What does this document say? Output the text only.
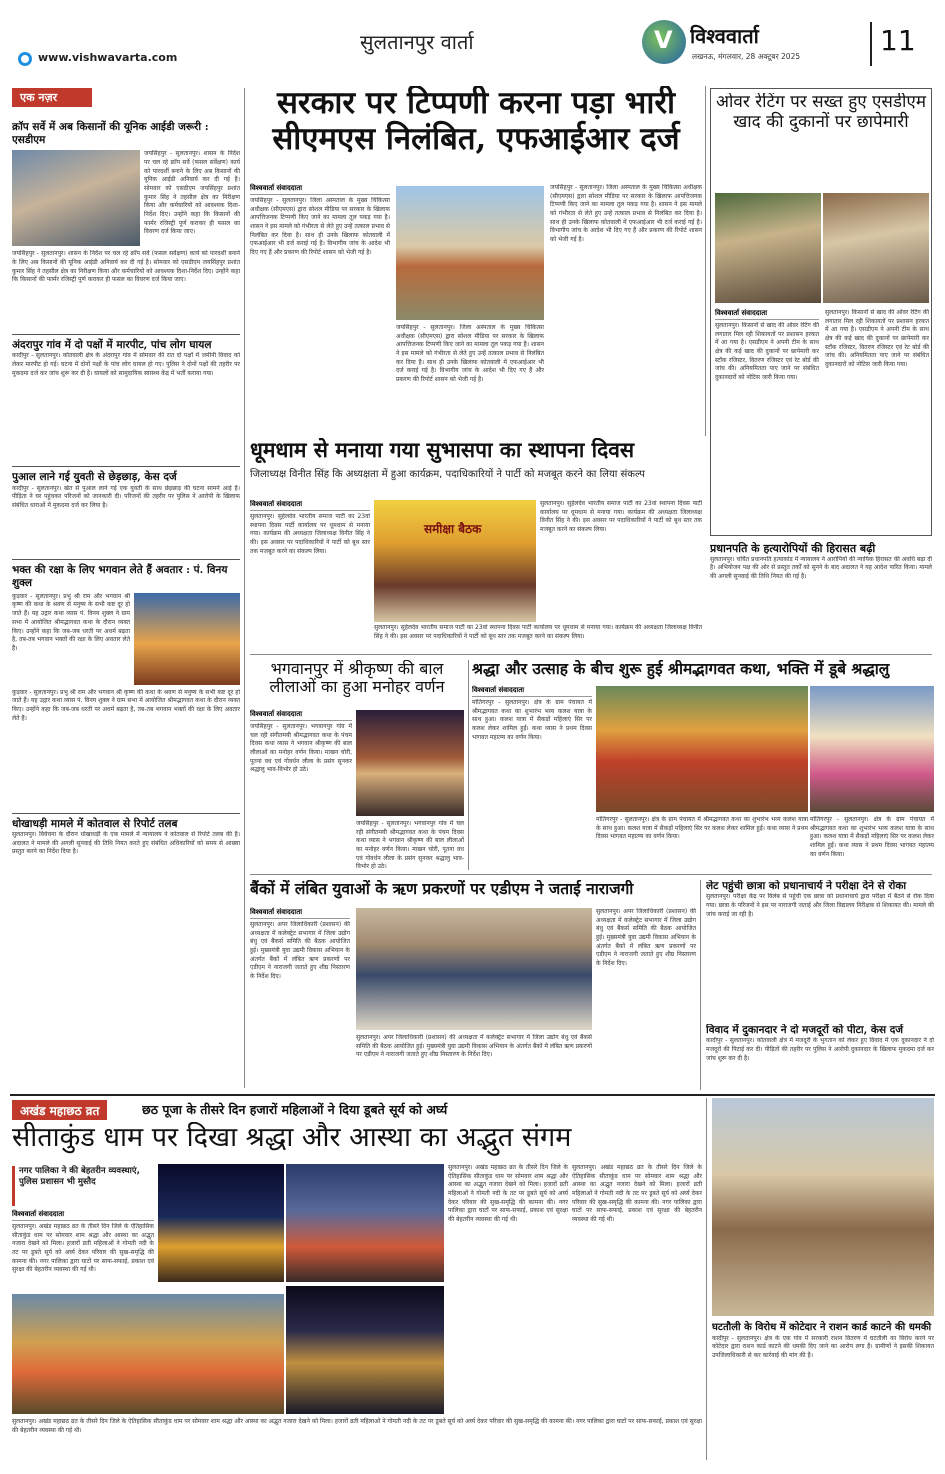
सुलतानपुर वार्ता	V विश्ववार्ता
लखनऊ, मंगलवार, 28 अक्टूबर 2025	11
www.vishwavarta.com
एक नज़र
क्रॉप सर्वे में अब किसानों की यूनिक आईडी जरूरी : एसडीएम
जयसिंहपुर - सुलतानपुर। शासन के निर्देश पर चल रहे क्रॉप सर्वे (फसल सर्वेक्षण) कार्य को पारदर्शी बनाने के लिए अब किसानों की यूनिक आईडी अनिवार्य कर दी गई है। सोमवार को एसडीएम जयसिंहपुर प्रशांत कुमार सिंह ने तहसील क्षेत्र का निरीक्षण किया और कर्मचारियों को आवश्यक दिशा-निर्देश दिए। उन्होंने कहा कि किसानों की फार्मर रजिस्ट्री पूर्ण कराकर ही फसल का विवरण दर्ज किया जाए।
जयसिंहपुर - सुलतानपुर। शासन के निर्देश पर चल रहे क्रॉप सर्वे (फसल सर्वेक्षण) कार्य को पारदर्शी बनाने के लिए अब किसानों की यूनिक आईडी अनिवार्य कर दी गई है। सोमवार को एसडीएम जयसिंहपुर प्रशांत कुमार सिंह ने तहसील क्षेत्र का निरीक्षण किया और कर्मचारियों को आवश्यक दिशा-निर्देश दिए। उन्होंने कहा कि किसानों की फार्मर रजिस्ट्री पूर्ण कराकर ही फसल का विवरण दर्ज किया जाए।
अंदरापुर गांव में दो पक्षों में मारपीट, पांच लोग घायल
कादीपुर - सुलतानपुर। कोतवाली क्षेत्र के अंदरापुर गांव में सोमवार की रात दो पक्षों में जमीनी विवाद को लेकर मारपीट हो गई। घटना में दोनों पक्षों के पांच लोग घायल हो गए। पुलिस ने दोनों पक्षों की तहरीर पर मुकदमा दर्ज कर जांच शुरू कर दी है। घायलों को सामुदायिक स्वास्थ्य केंद्र में भर्ती कराया गया।
पुआल लाने गई युवती से छेड़छाड़, केस दर्ज
कादीपुर - सुलतानपुर। खेत से पुआल लाने गई एक युवती के साथ छेड़छाड़ की घटना सामने आई है। पीड़िता ने घर पहुंचकर परिजनों को जानकारी दी। परिजनों की तहरीर पर पुलिस ने आरोपी के खिलाफ संबंधित धाराओं में मुकदमा दर्ज कर लिया है।
भक्त की रक्षा के लिए भगवान लेते हैं अवतार : पं. विनय शुक्ल
कुड़वार - सुलतानपुर। प्रभु श्री राम और भगवान श्री कृष्ण की कथा के श्रवण से मनुष्य के सभी कष्ट दूर हो जाते हैं। यह उद्गार कथा व्यास पं. विनय शुक्ल ने ग्राम सभा में आयोजित श्रीमद्भागवत कथा के दौरान व्यक्त किए। उन्होंने कहा कि जब-जब धरती पर अधर्म बढ़ता है, तब-तब भगवान भक्तों की रक्षा के लिए अवतार लेते हैं।
कुड़वार - सुलतानपुर। प्रभु श्री राम और भगवान श्री कृष्ण की कथा के श्रवण से मनुष्य के सभी कष्ट दूर हो जाते हैं। यह उद्गार कथा व्यास पं. विनय शुक्ल ने ग्राम सभा में आयोजित श्रीमद्भागवत कथा के दौरान व्यक्त किए। उन्होंने कहा कि जब-जब धरती पर अधर्म बढ़ता है, तब-तब भगवान भक्तों की रक्षा के लिए अवतार लेते हैं।
धोखाधड़ी मामले में कोतवाल से रिपोर्ट तलब
सुलतानपुर। विवेचना के दौरान धोखाधड़ी के एक मामले में न्यायालय ने कोतवाल से रिपोर्ट तलब की है। अदालत ने मामले की अगली सुनवाई की तिथि नियत करते हुए संबंधित अधिकारियों को समय से आख्या प्रस्तुत करने का निर्देश दिया है।
सरकार पर टिप्पणी करना पड़ा भारी सीएमएस निलंबित, एफआईआर दर्ज
विश्ववार्ता संवाददाता
जयसिंहपुर - सुलतानपुर। जिला अस्पताल के मुख्य चिकित्सा अधीक्षक (सीएमएस) द्वारा सोशल मीडिया पर सरकार के खिलाफ आपत्तिजनक टिप्पणी किए जाने का मामला तूल पकड़ गया है। शासन ने इस मामले को गंभीरता से लेते हुए उन्हें तत्काल प्रभाव से निलंबित कर दिया है। साथ ही उनके खिलाफ कोतवाली में एफआईआर भी दर्ज कराई गई है। विभागीय जांच के आदेश भी दिए गए हैं और प्रकरण की रिपोर्ट शासन को भेजी गई है।
जयसिंहपुर - सुलतानपुर। जिला अस्पताल के मुख्य चिकित्सा अधीक्षक (सीएमएस) द्वारा सोशल मीडिया पर सरकार के खिलाफ आपत्तिजनक टिप्पणी किए जाने का मामला तूल पकड़ गया है। शासन ने इस मामले को गंभीरता से लेते हुए उन्हें तत्काल प्रभाव से निलंबित कर दिया है। साथ ही उनके खिलाफ कोतवाली में एफआईआर भी दर्ज कराई गई है। विभागीय जांच के आदेश भी दिए गए हैं और प्रकरण की रिपोर्ट शासन को भेजी गई है।
जयसिंहपुर - सुलतानपुर। जिला अस्पताल के मुख्य चिकित्सा अधीक्षक (सीएमएस) द्वारा सोशल मीडिया पर सरकार के खिलाफ आपत्तिजनक टिप्पणी किए जाने का मामला तूल पकड़ गया है। शासन ने इस मामले को गंभीरता से लेते हुए उन्हें तत्काल प्रभाव से निलंबित कर दिया है। साथ ही उनके खिलाफ कोतवाली में एफआईआर भी दर्ज कराई गई है। विभागीय जांच के आदेश भी दिए गए हैं और प्रकरण की रिपोर्ट शासन को भेजी गई है।
ओवर रेटिंग पर सख्त हुए एसडीएम खाद की दुकानों पर छापेमारी
विश्ववार्ता संवाददाता
सुलतानपुर। किसानों से खाद की ओवर रेटिंग की लगातार मिल रही शिकायतों पर प्रशासन हरकत में आ गया है। एसडीएम ने अपनी टीम के साथ क्षेत्र की कई खाद की दुकानों पर छापेमारी कर स्टॉक रजिस्टर, वितरण रजिस्टर एवं रेट बोर्ड की जांच की। अनियमितता पाए जाने पर संबंधित दुकानदारों को नोटिस जारी किया गया।
सुलतानपुर। किसानों से खाद की ओवर रेटिंग की लगातार मिल रही शिकायतों पर प्रशासन हरकत में आ गया है। एसडीएम ने अपनी टीम के साथ क्षेत्र की कई खाद की दुकानों पर छापेमारी कर स्टॉक रजिस्टर, वितरण रजिस्टर एवं रेट बोर्ड की जांच की। अनियमितता पाए जाने पर संबंधित दुकानदारों को नोटिस जारी किया गया।
धूमधाम से मनाया गया सुभासपा का स्थापना दिवस
जिलाध्यक्ष विनीत सिंह कि अध्यक्षता में हुआ कार्यक्रम, पदाधिकारियों ने पार्टी को मजबूत करने का लिया संकल्प
विश्ववार्ता संवाददाता
सुलतानपुर। सुहेलदेव भारतीय समाज पार्टी का 23वां स्थापना दिवस पार्टी कार्यालय पर धूमधाम से मनाया गया। कार्यक्रम की अध्यक्षता जिलाध्यक्ष विनीत सिंह ने की। इस अवसर पर पदाधिकारियों ने पार्टी को बूथ स्तर तक मजबूत करने का संकल्प लिया।
समीक्षा बैठक
सुलतानपुर। सुहेलदेव भारतीय समाज पार्टी का 23वां स्थापना दिवस पार्टी कार्यालय पर धूमधाम से मनाया गया। कार्यक्रम की अध्यक्षता जिलाध्यक्ष विनीत सिंह ने की। इस अवसर पर पदाधिकारियों ने पार्टी को बूथ स्तर तक मजबूत करने का संकल्प लिया।
सुलतानपुर। सुहेलदेव भारतीय समाज पार्टी का 23वां स्थापना दिवस पार्टी कार्यालय पर धूमधाम से मनाया गया। कार्यक्रम की अध्यक्षता जिलाध्यक्ष विनीत सिंह ने की। इस अवसर पर पदाधिकारियों ने पार्टी को बूथ स्तर तक मजबूत करने का संकल्प लिया।
प्रधानपति के हत्यारोपियों की हिरासत बढ़ी
सुलतानपुर। चर्चित प्रधानपति हत्याकांड में न्यायालय ने आरोपियों की न्यायिक हिरासत की अवधि बढ़ा दी है। अभियोजन पक्ष की ओर से प्रस्तुत तर्कों को सुनने के बाद अदालत ने यह आदेश पारित किया। मामले की अगली सुनवाई की तिथि नियत की गई है।
भगवानपुर में श्रीकृष्ण की बाल लीलाओं का हुआ मनोहर वर्णन
विश्ववार्ता संवाददाता
जयसिंहपुर - सुलतानपुर। भगवानपुर गांव में चल रही संगीतमयी श्रीमद्भागवत कथा के पंचम दिवस कथा व्यास ने भगवान श्रीकृष्ण की बाल लीलाओं का मनोहर वर्णन किया। माखन चोरी, पूतना वध एवं गोवर्धन लीला के प्रसंग सुनकर श्रद्धालु भाव-विभोर हो उठे।
जयसिंहपुर - सुलतानपुर। भगवानपुर गांव में चल रही संगीतमयी श्रीमद्भागवत कथा के पंचम दिवस कथा व्यास ने भगवान श्रीकृष्ण की बाल लीलाओं का मनोहर वर्णन किया। माखन चोरी, पूतना वध एवं गोवर्धन लीला के प्रसंग सुनकर श्रद्धालु भाव-विभोर हो उठे।
श्रद्धा और उत्साह के बीच शुरू हुई श्रीमद्भागवत कथा, भक्ति में डूबे श्रद्धालु
विश्ववार्ता संवाददाता
मोतिगरपुर - सुलतानपुर। क्षेत्र के ग्राम पंचायत में श्रीमद्भागवत कथा का शुभारंभ भव्य कलश यात्रा के साथ हुआ। कलश यात्रा में सैकड़ों महिलाएं सिर पर कलश लेकर शामिल हुईं। कथा व्यास ने प्रथम दिवस भागवत महात्म्य का वर्णन किया।
मोतिगरपुर - सुलतानपुर। क्षेत्र के ग्राम पंचायत में श्रीमद्भागवत कथा का शुभारंभ भव्य कलश यात्रा के साथ हुआ। कलश यात्रा में सैकड़ों महिलाएं सिर पर कलश लेकर शामिल हुईं। कथा व्यास ने प्रथम दिवस भागवत महात्म्य का वर्णन किया।
मोतिगरपुर - सुलतानपुर। क्षेत्र के ग्राम पंचायत में श्रीमद्भागवत कथा का शुभारंभ भव्य कलश यात्रा के साथ हुआ। कलश यात्रा में सैकड़ों महिलाएं सिर पर कलश लेकर शामिल हुईं। कथा व्यास ने प्रथम दिवस भागवत महात्म्य का वर्णन किया।
बैंकों में लंबित युवाओं के ऋण प्रकरणों पर एडीएम ने जताई नाराजगी
विश्ववार्ता संवाददाता
सुलतानपुर। अपर जिलाधिकारी (प्रशासन) की अध्यक्षता में कलेक्ट्रेट सभागार में जिला उद्योग बंधु एवं बैंकर्स समिति की बैठक आयोजित हुई। मुख्यमंत्री युवा उद्यमी विकास अभियान के अंतर्गत बैंकों में लंबित ऋण प्रकरणों पर एडीएम ने नाराजगी जताते हुए शीघ्र निस्तारण के निर्देश दिए।
सुलतानपुर। अपर जिलाधिकारी (प्रशासन) की अध्यक्षता में कलेक्ट्रेट सभागार में जिला उद्योग बंधु एवं बैंकर्स समिति की बैठक आयोजित हुई। मुख्यमंत्री युवा उद्यमी विकास अभियान के अंतर्गत बैंकों में लंबित ऋण प्रकरणों पर एडीएम ने नाराजगी जताते हुए शीघ्र निस्तारण के निर्देश दिए।
सुलतानपुर। अपर जिलाधिकारी (प्रशासन) की अध्यक्षता में कलेक्ट्रेट सभागार में जिला उद्योग बंधु एवं बैंकर्स समिति की बैठक आयोजित हुई। मुख्यमंत्री युवा उद्यमी विकास अभियान के अंतर्गत बैंकों में लंबित ऋण प्रकरणों पर एडीएम ने नाराजगी जताते हुए शीघ्र निस्तारण के निर्देश दिए।
लेट पहुंची छात्रा को प्रधानाचार्य ने परीक्षा देने से रोका
सुलतानपुर। परीक्षा केंद्र पर विलंब से पहुंची एक छात्रा को प्रधानाचार्य द्वारा परीक्षा में बैठने से रोक दिया गया। छात्रा के परिजनों ने इस पर नाराजगी जताई और जिला विद्यालय निरीक्षक से शिकायत की। मामले की जांच कराई जा रही है।
विवाद में दुकानदार ने दो मजदूरों को पीटा, केस दर्ज
कादीपुर - सुलतानपुर। कोतवाली क्षेत्र में मजदूरी के भुगतान को लेकर हुए विवाद में एक दुकानदार ने दो मजदूरों की पिटाई कर दी। पीड़ितों की तहरीर पर पुलिस ने आरोपी दुकानदार के खिलाफ मुकदमा दर्ज कर जांच शुरू कर दी है।
अखंड महाछठ व्रत	छठ पूजा के तीसरे दिन हजारों महिलाओं ने दिया डूबते सूर्य को अर्घ्य
सीताकुंड धाम पर दिखा श्रद्धा और आस्था का अद्भुत संगम
नगर पालिका ने की बेहतरीन व्यवस्थाएं, पुलिस प्रशासन भी मुस्तैद
सुलतानपुर। अखंड महाछठ व्रत के तीसरे दिन जिले के ऐतिहासिक सीताकुंड धाम पर सोमवार शाम श्रद्धा और आस्था का अद्भुत नजारा देखने को मिला। हजारों व्रती महिलाओं ने गोमती नदी के तट पर डूबते सूर्य को अर्घ्य देकर परिवार की सुख-समृद्धि की कामना की। नगर पालिका द्वारा घाटों पर साफ-सफाई, प्रकाश एवं सुरक्षा की बेहतरीन व्यवस्था की गई थी।
विश्ववार्ता संवाददाता
सुलतानपुर। अखंड महाछठ व्रत के तीसरे दिन जिले के ऐतिहासिक सीताकुंड धाम पर सोमवार शाम श्रद्धा और आस्था का अद्भुत नजारा देखने को मिला। हजारों व्रती महिलाओं ने गोमती नदी के तट पर डूबते सूर्य को अर्घ्य देकर परिवार की सुख-समृद्धि की कामना की। नगर पालिका द्वारा घाटों पर साफ-सफाई, प्रकाश एवं सुरक्षा की बेहतरीन व्यवस्था की गई थी।
सुलतानपुर। अखंड महाछठ व्रत के तीसरे दिन जिले के ऐतिहासिक सीताकुंड धाम पर सोमवार शाम श्रद्धा और आस्था का अद्भुत नजारा देखने को मिला। हजारों व्रती महिलाओं ने गोमती नदी के तट पर डूबते सूर्य को अर्घ्य देकर परिवार की सुख-समृद्धि की कामना की। नगर पालिका द्वारा घाटों पर साफ-सफाई, प्रकाश एवं सुरक्षा की बेहतरीन व्यवस्था की गई थी।
सुलतानपुर। अखंड महाछठ व्रत के तीसरे दिन जिले के ऐतिहासिक सीताकुंड धाम पर सोमवार शाम श्रद्धा और आस्था का अद्भुत नजारा देखने को मिला। हजारों व्रती महिलाओं ने गोमती नदी के तट पर डूबते सूर्य को अर्घ्य देकर परिवार की सुख-समृद्धि की कामना की। नगर पालिका द्वारा घाटों पर साफ-सफाई, प्रकाश एवं सुरक्षा की बेहतरीन व्यवस्था की गई थी।
घटतौली के विरोध में कोटेदार ने राशन कार्ड काटने की धमकी
कादीपुर - सुलतानपुर। क्षेत्र के एक गांव में सरकारी राशन वितरण में घटतौली का विरोध करने पर कोटेदार द्वारा राशन कार्ड काटने की धमकी दिए जाने का आरोप लगा है। ग्रामीणों ने इसकी शिकायत उपजिलाधिकारी से कर कार्रवाई की मांग की है।
